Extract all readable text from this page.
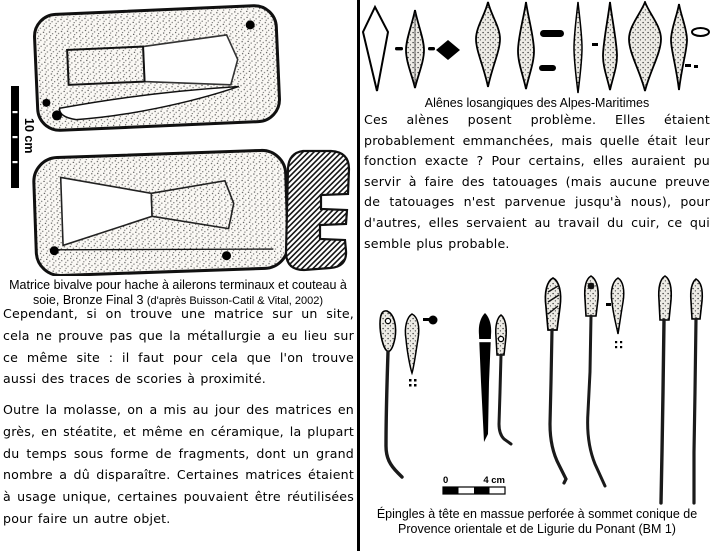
10 cm
Matrice bivalve pour hache à ailerons terminaux et couteau à soie, Bronze Final 3 (d'après Buisson-Catil & Vital, 2002)

Cependant, si on trouve une matrice sur un site, cela ne prouve pas que la métallurgie a eu lieu sur ce même site : il faut pour cela que l'on trouve aussi des traces de scories à proximité.

Outre la molasse, on a mis au jour des matrices en grès, en stéatite, et même en céramique, la plupart du temps sous forme de fragments, dont un grand nombre a dû disparaître. Certaines matrices étaient à usage unique, certaines pouvaient être réutilisées pour faire un autre objet.

Alênes losangiques des Alpes-Maritimes

Ces alènes posent problème. Elles étaient probablement emmanchées, mais quelle était leur fonction exacte ? Pour certains, elles auraient pu servir à faire des tatouages (mais aucune preuve de tatouages n'est parvenue jusqu'à nous), pour d'autres, elles servaient au travail du cuir, ce qui semble plus probable.

0	4 cm
Épingles à tête en massue perforée à sommet conique de Provence orientale et de Ligurie du Ponant (BM 1)
